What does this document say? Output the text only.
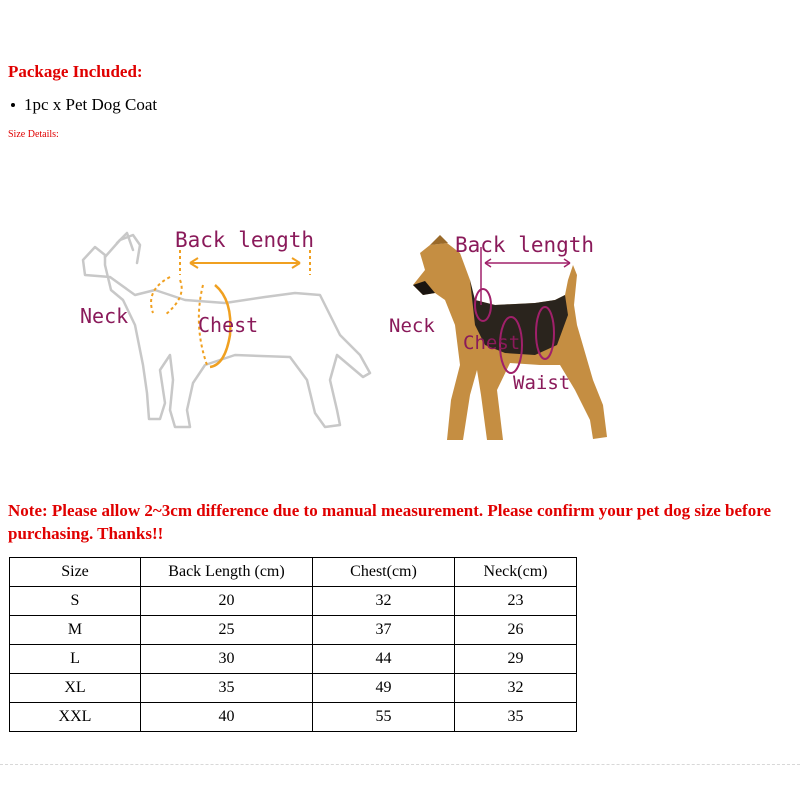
Package Included:
1pc x Pet Dog Coat
Size Details:
Back length
Neck	Chest
Back length
Neck
Chest
Waist
Note: Please allow 2~3cm difference due to manual measurement. Please confirm your pet dog size before purchasing. Thanks!!
Size	Back Length (cm)	Chest(cm)	Neck(cm)
S	20	32	23
M	25	37	26
L	30	44	29
XL	35	49	32
XXL	40	55	35
